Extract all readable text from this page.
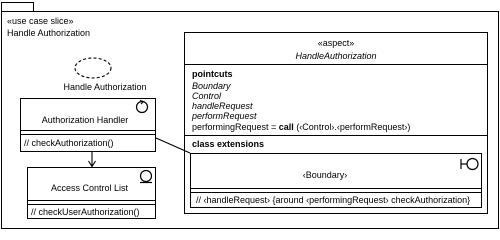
«use case slice»
Handle Authorization
Handle Authorization
Authorization Handler
// checkAuthorization()
Access Control List
// checkUserAuthorization()
«aspect»
HandleAuthorization
pointcuts
Boundary
Control
handleRequest
performRequest
performingRequest = call (‹Control›.‹performRequest›)
class extensions
‹Boundary›
// ‹handleRequest› {around ‹performingRequest› checkAuthorization}
